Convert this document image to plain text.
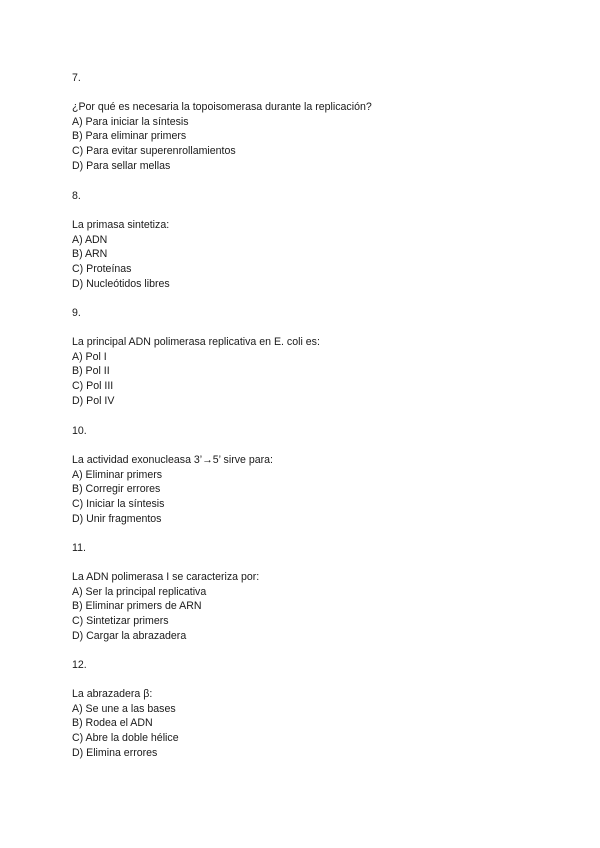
7.
¿Por qué es necesaria la topoisomerasa durante la replicación?
A) Para iniciar la síntesis
B) Para eliminar primers
C) Para evitar superenrollamientos
D) Para sellar mellas
8.
La primasa sintetiza:
A) ADN
B) ARN
C) Proteínas
D) Nucleótidos libres
9.
La principal ADN polimerasa replicativa en E. coli es:
A) Pol I
B) Pol II
C) Pol III
D) Pol IV
10.
La actividad exonucleasa 3’→5’ sirve para:
A) Eliminar primers
B) Corregir errores
C) Iniciar la síntesis
D) Unir fragmentos
11.
La ADN polimerasa I se caracteriza por:
A) Ser la principal replicativa
B) Eliminar primers de ARN
C) Sintetizar primers
D) Cargar la abrazadera
12.
La abrazadera β:
A) Se une a las bases
B) Rodea el ADN
C) Abre la doble hélice
D) Elimina errores
